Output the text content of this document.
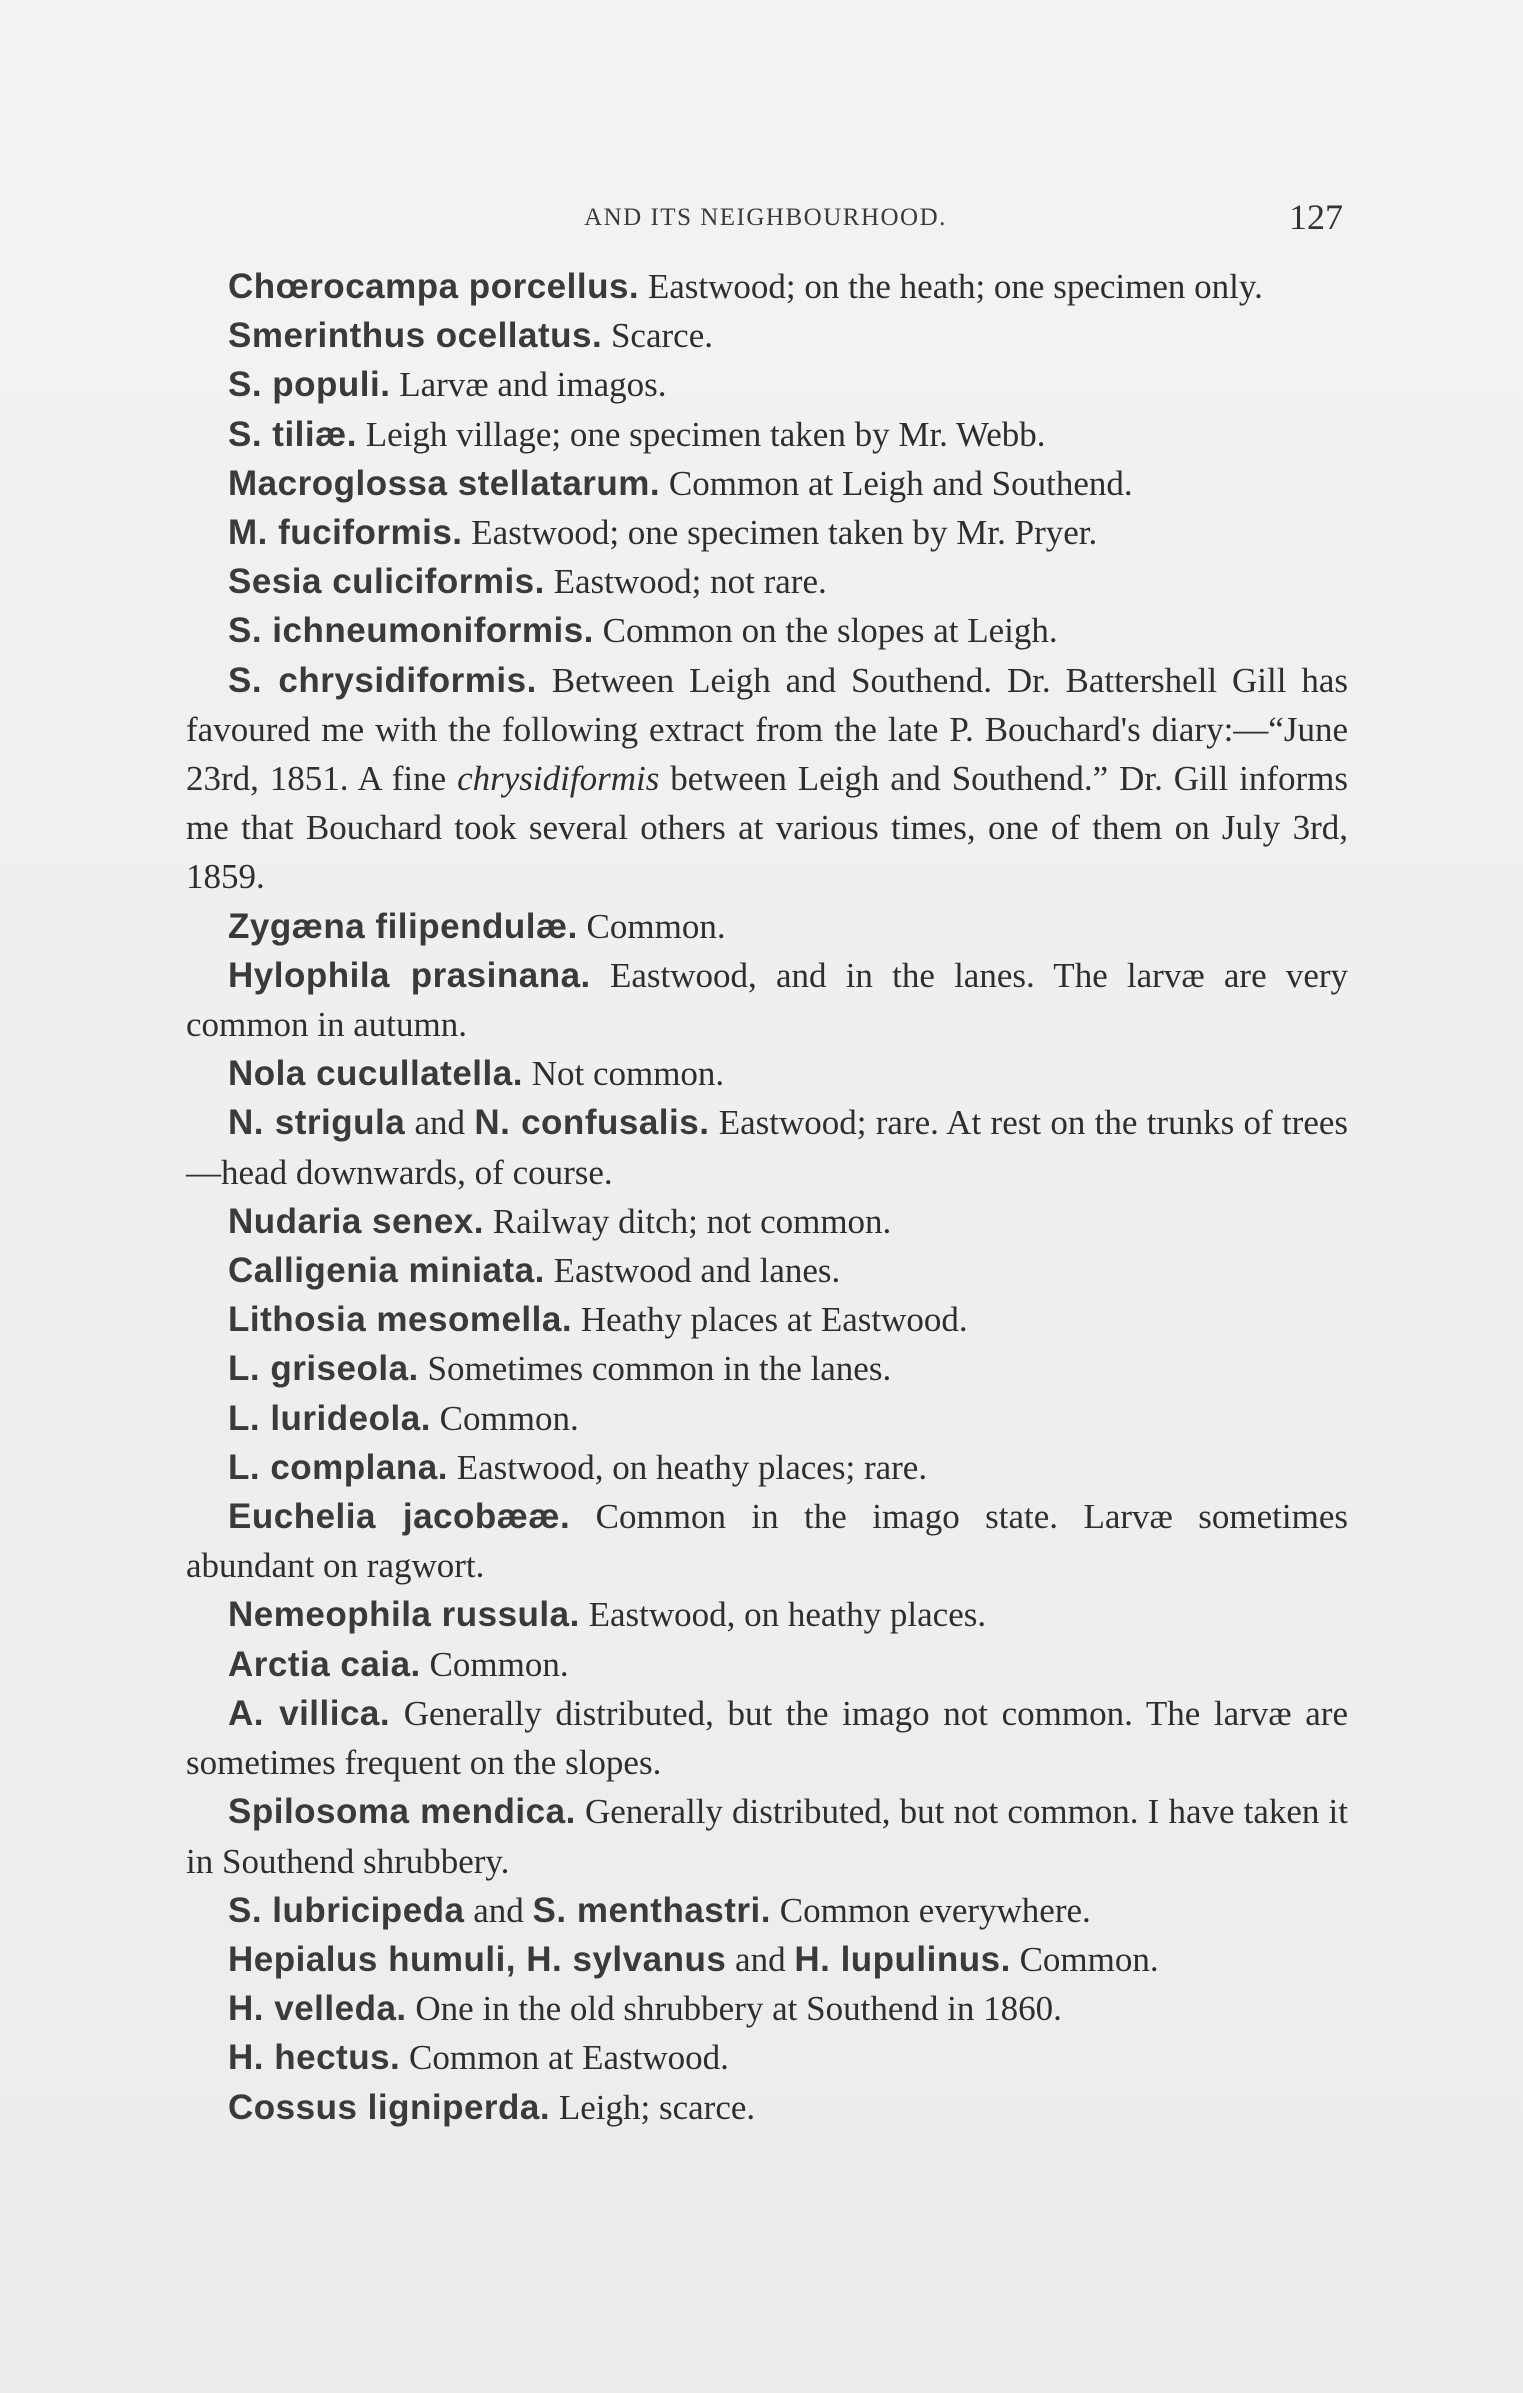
AND ITS NEIGHBOURHOOD.	127

Chœrocampa porcellus. Eastwood; on the heath; one specimen only.

Smerinthus ocellatus. Scarce.

S. populi. Larvæ and imagos.

S. tiliæ. Leigh village; one specimen taken by Mr. Webb.

Macroglossa stellatarum. Common at Leigh and Southend.

M. fuciformis. Eastwood; one specimen taken by Mr. Pryer.

Sesia culiciformis. Eastwood; not rare.

S. ichneumoniformis. Common on the slopes at Leigh.

S. chrysidiformis. Between Leigh and Southend. Dr. Battershell Gill has favoured me with the following extract from the late P. Bouchard's diary:—“June 23rd, 1851. A fine chrysidiformis between Leigh and Southend.” Dr. Gill informs me that Bouchard took several others at various times, one of them on July 3rd, 1859.

Zygæna filipendulæ. Common.

Hylophila prasinana. Eastwood, and in the lanes. The larvæ are very common in autumn.

Nola cucullatella. Not common.

N. strigula and N. confusalis. Eastwood; rare. At rest on the trunks of trees—head downwards, of course.

Nudaria senex. Railway ditch; not common.

Calligenia miniata. Eastwood and lanes.

Lithosia mesomella. Heathy places at Eastwood.

L. griseola. Sometimes common in the lanes.

L. lurideola. Common.

L. complana. Eastwood, on heathy places; rare.

Euchelia jacobææ. Common in the imago state. Larvæ sometimes abundant on ragwort.

Nemeophila russula. Eastwood, on heathy places.

Arctia caia. Common.

A. villica. Generally distributed, but the imago not common. The larvæ are sometimes frequent on the slopes.

Spilosoma mendica. Generally distributed, but not common. I have taken it in Southend shrubbery.

S. lubricipeda and S. menthastri. Common everywhere.

Hepialus humuli, H. sylvanus and H. lupulinus. Common.

H. velleda. One in the old shrubbery at Southend in 1860.

H. hectus. Common at Eastwood.

Cossus ligniperda. Leigh; scarce.
